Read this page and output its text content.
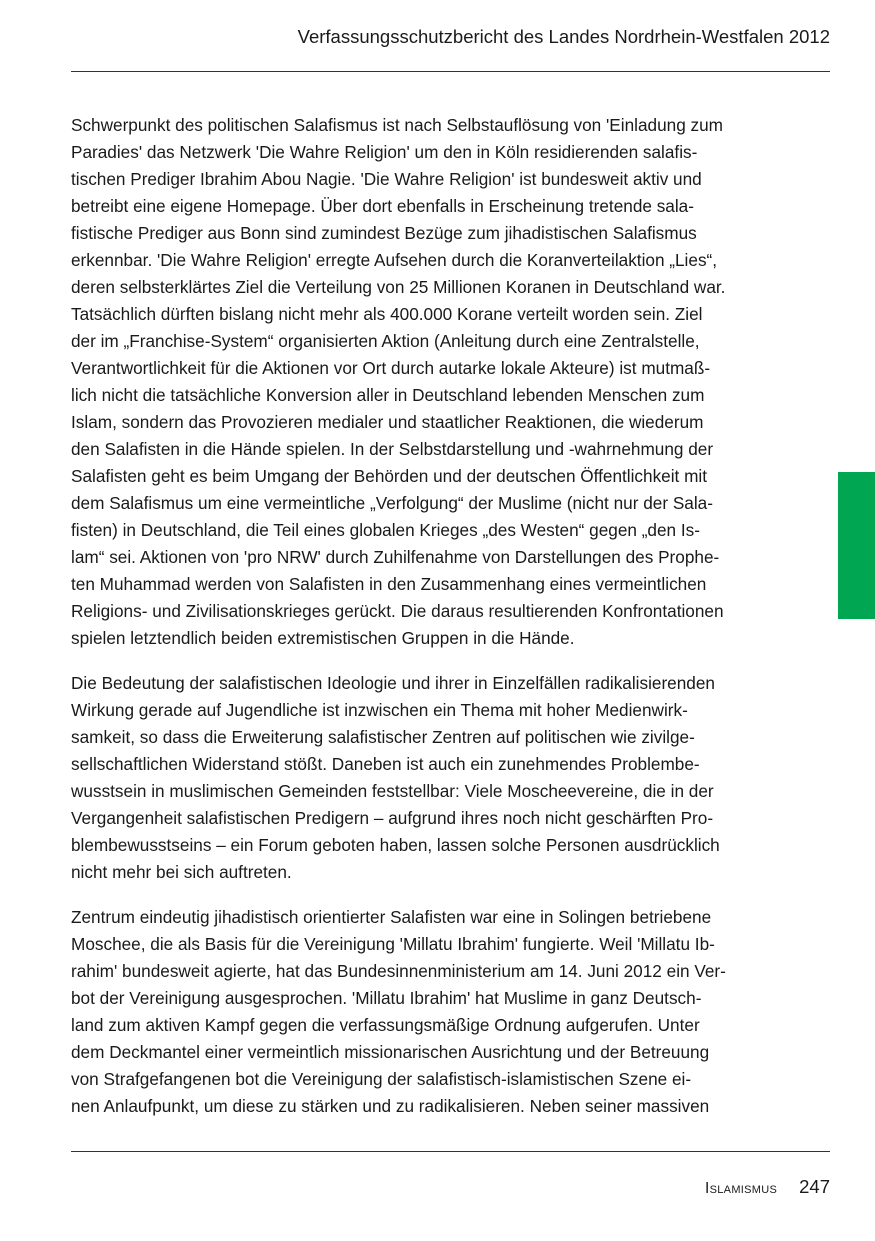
Verfassungsschutzbericht des Landes Nordrhein-Westfalen 2012

Schwerpunkt des politischen Salafismus ist nach Selbstauflösung von 'Einladung zum
Paradies' das Netzwerk 'Die Wahre Religion' um den in Köln residierenden salafis-
tischen Prediger Ibrahim Abou Nagie. 'Die Wahre Religion' ist bundesweit aktiv und
betreibt eine eigene Homepage. Über dort ebenfalls in Erscheinung tretende sala-
fistische Prediger aus Bonn sind zumindest Bezüge zum jihadistischen Salafismus
erkennbar. 'Die Wahre Religion' erregte Aufsehen durch die Koranverteilaktion „Lies“,
deren selbsterklärtes Ziel die Verteilung von 25 Millionen Koranen in Deutschland war.
Tatsächlich dürften bislang nicht mehr als 400.000 Korane verteilt worden sein. Ziel
der im „Franchise-System“ organisierten Aktion (Anleitung durch eine Zentralstelle,
Verantwortlichkeit für die Aktionen vor Ort durch autarke lokale Akteure) ist mutmaß-
lich nicht die tatsächliche Konversion aller in Deutschland lebenden Menschen zum
Islam, sondern das Provozieren medialer und staatlicher Reaktionen, die wiederum
den Salafisten in die Hände spielen. In der Selbstdarstellung und -wahrnehmung der
Salafisten geht es beim Umgang der Behörden und der deutschen Öffentlichkeit mit
dem Salafismus um eine vermeintliche „Verfolgung“ der Muslime (nicht nur der Sala-
fisten) in Deutschland, die Teil eines globalen Krieges „des Westen“ gegen „den Is-
lam“ sei. Aktionen von 'pro NRW' durch Zuhilfenahme von Darstellungen des Prophe-
ten Muhammad werden von Salafisten in den Zusammenhang eines vermeintlichen
Religions- und Zivilisationskrieges gerückt. Die daraus resultierenden Konfrontationen
spielen letztendlich beiden extremistischen Gruppen in die Hände.

Die Bedeutung der salafistischen Ideologie und ihrer in Einzelfällen radikalisierenden
Wirkung gerade auf Jugendliche ist inzwischen ein Thema mit hoher Medienwirk-
samkeit, so dass die Erweiterung salafistischer Zentren auf politischen wie zivilge-
sellschaftlichen Widerstand stößt. Daneben ist auch ein zunehmendes Problembe-
wusstsein in muslimischen Gemeinden feststellbar: Viele Moscheevereine, die in der
Vergangenheit salafistischen Predigern – aufgrund ihres noch nicht geschärften Pro-
blembewusstseins – ein Forum geboten haben, lassen solche Personen ausdrücklich
nicht mehr bei sich auftreten.

Zentrum eindeutig jihadistisch orientierter Salafisten war eine in Solingen betriebene
Moschee, die als Basis für die Vereinigung 'Millatu Ibrahim' fungierte. Weil 'Millatu Ib-
rahim' bundesweit agierte, hat das Bundesinnenministerium am 14. Juni 2012 ein Ver-
bot der Vereinigung ausgesprochen. 'Millatu Ibrahim' hat Muslime in ganz Deutsch-
land zum aktiven Kampf gegen die verfassungsmäßige Ordnung aufgerufen. Unter
dem Deckmantel einer vermeintlich missionarischen Ausrichtung und der Betreuung
von Strafgefangenen bot die Vereinigung der salafistisch-islamistischen Szene ei-
nen Anlaufpunkt, um diese zu stärken und zu radikalisieren. Neben seiner massiven

Islamismus 247
